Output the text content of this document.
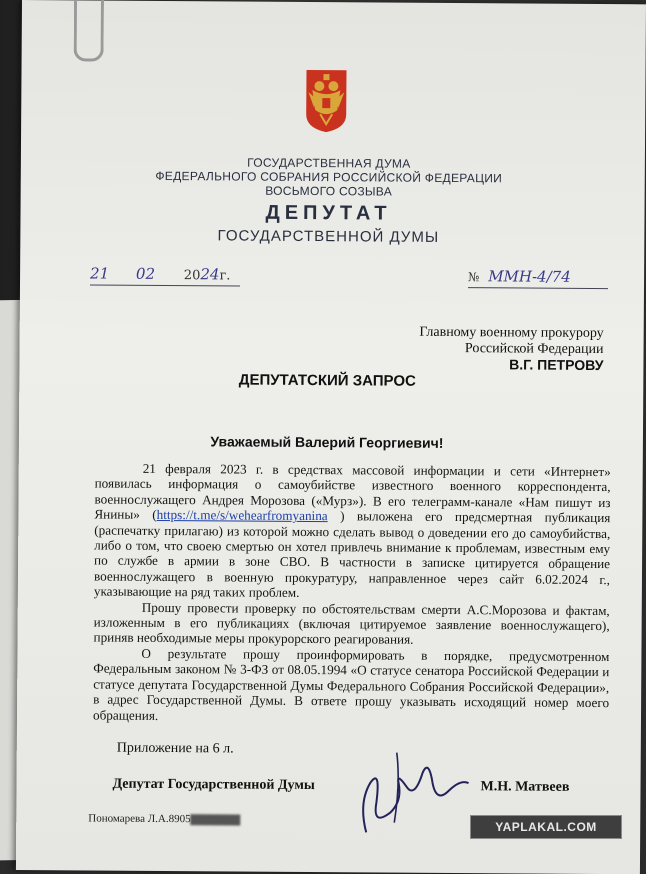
ГОСУДАРСТВЕННАЯ ДУМА
ФЕДЕРАЛЬНОГО СОБРАНИЯ РОССИЙСКОЙ ФЕДЕРАЦИИ
ВОСЬМОГО СОЗЫВА
ДЕПУТАТ
ГОСУДАРСТВЕННОЙ ДУМЫ
21 02 2024г.	№ ММН-4/74
Главному военному прокурору
Российской Федерации
В.Г. ПЕТРОВУ
ДЕПУТАТСКИЙ ЗАПРОС
Уважаемый Валерий Георгиевич!

21 февраля 2023 г. в средствах массовой информации и сети «Интернет» появилась информация о самоубийстве известного военного корреспондента, военнослужащего Андрея Морозова («Мурз»). В его телеграмм-канале «Нам пишут из Янины» (https://t.me/s/wehearfromyanina ) выложена его предсмертная публикация (распечатку прилагаю) из которой можно сделать вывод о доведении его до самоубийства, либо о том, что своею смертью он хотел привлечь внимание к проблемам, известным ему по службе в армии в зоне СВО. В частности в записке цитируется обращение военнослужащего в военную прокуратуру, направленное через сайт 6.02.2024 г., указывающие на ряд таких проблем.

Прошу провести проверку по обстоятельствам смерти А.С.Морозова и фактам, изложенным в его публикациях (включая цитируемое заявление военнослужащего), приняв необходимые меры прокурорского реагирования.

О результате прошу проинформировать в порядке, предусмотренном Федеральным законом № 3-ФЗ от 08.05.1994 «О статусе сенатора Российской Федерации и статусе депутата Государственной Думы Федерального Собрания Российской Федерации», в адрес Государственной Думы. В ответе прошу указывать исходящий номер моего обращения.

Приложение на 6 л.
Депутат Государственной Думы	М.Н. Матвеев
Пономарева Л.А.8905
YAPLAKAL.COM
